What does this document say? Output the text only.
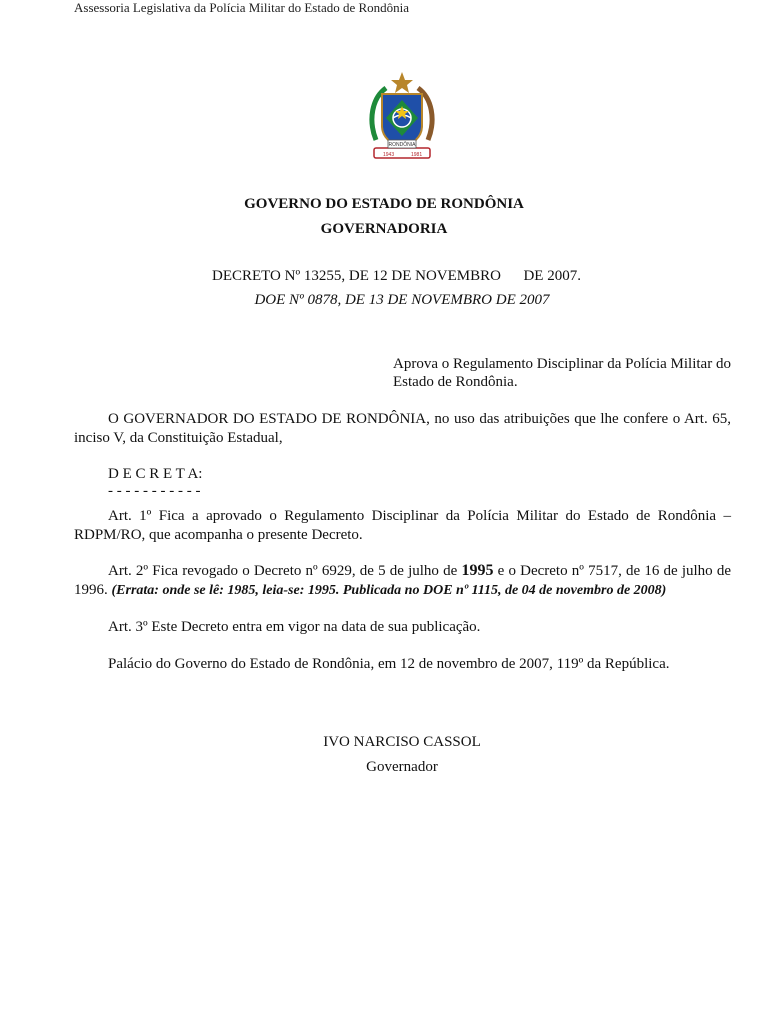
Assessoria Legislativa da Polícia Militar do Estado de Rondônia
1943	1981
RONDÔNIA
GOVERNO DO ESTADO DE RONDÔNIA
GOVERNADORIA
DECRETO Nº 13255, DE 12 DE NOVEMBRO      DE 2007.
DOE Nº 0878, DE 13 DE NOVEMBRO DE 2007
Aprova o Regulamento Disciplinar da Polícia Militar do Estado de Rondônia.
O GOVERNADOR DO ESTADO DE RONDÔNIA, no uso das atribuições que lhe confere o Art. 65, inciso V, da Constituição Estadual,
D E C R E T A:
- - - - - - - - - - -
Art. 1º Fica a aprovado o Regulamento Disciplinar da Polícia Militar do Estado de Rondônia – RDPM/RO, que acompanha o presente Decreto.
Art. 2º Fica revogado o Decreto nº 6929, de 5 de julho de 1995 e o Decreto nº 7517, de 16 de julho de 1996. (Errata: onde se lê: 1985, leia-se: 1995. Publicada no DOE nº 1115, de 04 de novembro de 2008)
Art. 3º Este Decreto entra em vigor na data de sua publicação.
Palácio do Governo do Estado de Rondônia, em 12 de novembro de 2007, 119º da República.
IVO NARCISO CASSOL
Governador
